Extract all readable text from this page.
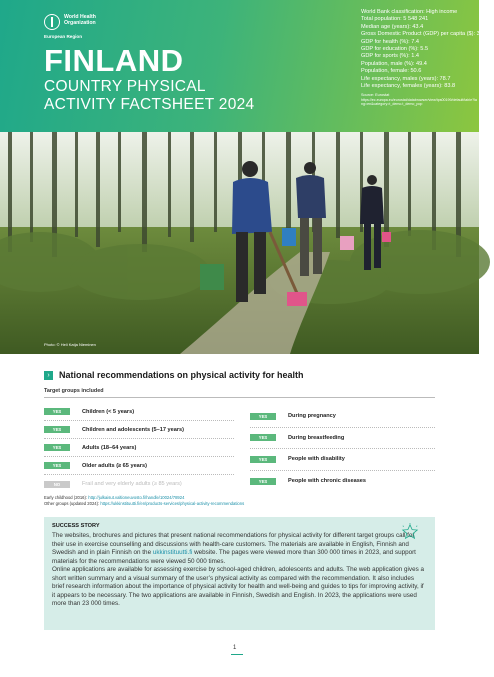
World Health
Organization
European Region
FINLAND
COUNTRY PHYSICAL
ACTIVITY FACTSHEET 2024
World Bank classification: High income
Total population: 5 548 241
Median age (years): 43.4
Gross Domestic Product (GDP) per capita ($): 37 569
GDP for health (%): 7.4
GDP for education (%): 5.5
GDP for sports (%): 1.4
Population, male (%): 49.4
Population, female: 50.6
Life expectancy, males (years): 78.7
Life expectancy, females (years): 83.8
Source: Eurostat
https://ec.europa.eu/eurostat/databrowser/view/tps00199/default/table?lang=en&category=t_demo.t_demo_pop
Photo: © Heli Katja Nieminen
›	National recommendations on physical activity for health
Target groups included
YES	Children (< 5 years)
YES	Children and adolescents (5–17 years)
YES	Adults (18–64 years)
YES	Older adults (≥ 65 years)
NO	Frail and very elderly adults (≥ 85 years)
YES	During pregnancy
YES	During breastfeeding
YES	People with disability
YES	People with chronic diseases
Early childhood (2016): http://julkaisut.valtioneuvosto.fi/handle/10024/78924
Other groups (updated 2024): https://ukkinstituutti.fi/en/products-services/physical-activity-recommendations
SUCCESS STORY

The websites, brochures and pictures that present national recommendations for physical activity for different target groups call for their use in exercise counselling and discussions with health-care customers. The materials are available in English, Finnish and Swedish and in plain Finnish on the ukkinstituutti.fi website. The pages were viewed more than 300 000 times in 2023, and support materials for the recommendations were viewed 50 000 times.

Online applications are available for assessing exercise by school-aged children, adolescents and adults. The web application gives a short written summary and a visual summary of the user’s physical activity as compared with the recommendation. It also includes brief research information about the importance of physical activity for health and well-being and guides to tips for improving activity, if it appears to be necessary. The two applications are available in Finnish, Swedish and English. In 2023, the applications were used more than 23 000 times.

1
